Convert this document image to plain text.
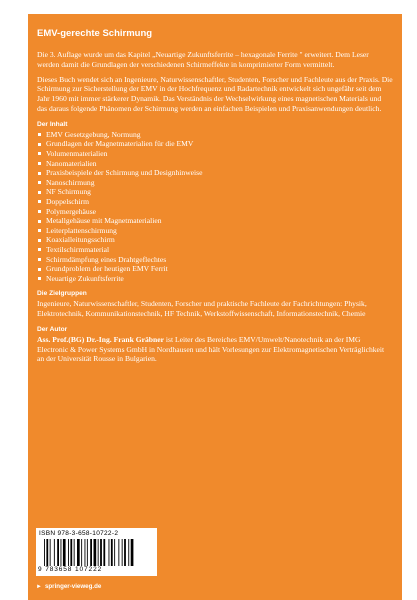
EMV-gerechte Schirmung

Die 3. Auflage wurde um das Kapitel „Neuartige Zukunftsferrite – hexagonale Ferrite " erweitert. Dem Leser werden damit die Grundlagen der verschiedenen Schirmeffekte in komprimierter Form vermittelt.

Dieses Buch wendet sich an Ingenieure, Naturwissenschaftler, Studenten, Forscher und Fachleute aus der Praxis. Die Schirmung zur Sicherstellung der EMV in der Hochfrequenz und Radartechnik entwickelt sich ungefähr seit dem Jahr 1960 mit immer stärkerer Dynamik. Das Verständnis der Wechselwirkung eines magnetischen Materials und das daraus folgende Phänomen der Schirmung werden an einfachen Beispielen und Praxisanwendungen deutlich.

Der Inhalt
EMV Gesetzgebung, Normung
Grundlagen der Magnetmaterialien für die EMV
Volumenmaterialien
Nanomaterialien
Praxisbeispiele der Schirmung und Designhinweise
Nanoschirmung
NF Schirmung
Doppelschirm
Polymergehäuse
Metallgehäuse mit Magnetmaterialien
Leiterplattenschirmung
Koaxialleitungsschirm
Textilschirmmaterial
Schirmdämpfung eines Drahtgeflechtes
Grundproblem der heutigen EMV Ferrit
Neuartige Zukunftsferrite
Die Zielgruppen

Ingenieure, Naturwissenschaftler, Studenten, Forscher und praktische Fachleute der Fachrichtungen: Physik, Elektrotechnik, Kommunikationstechnik, HF Technik, Werkstoffwissenschaft, Informationstechnik, Chemie

Der Autor

Ass. Prof.(BG) Dr.-Ing. Frank Gräbner ist Leiter des Bereiches EMV/Umwelt/Nanotechnik an der IMG Electronic & Power Systems GmbH in Nordhausen und hält Vorlesungen zur Elektromagnetischen Verträglichkeit an der Universität Rousse in Bulgarien.

ISBN 978-3-658-10722-2
9 783658 107222
► springer-vieweg.de
